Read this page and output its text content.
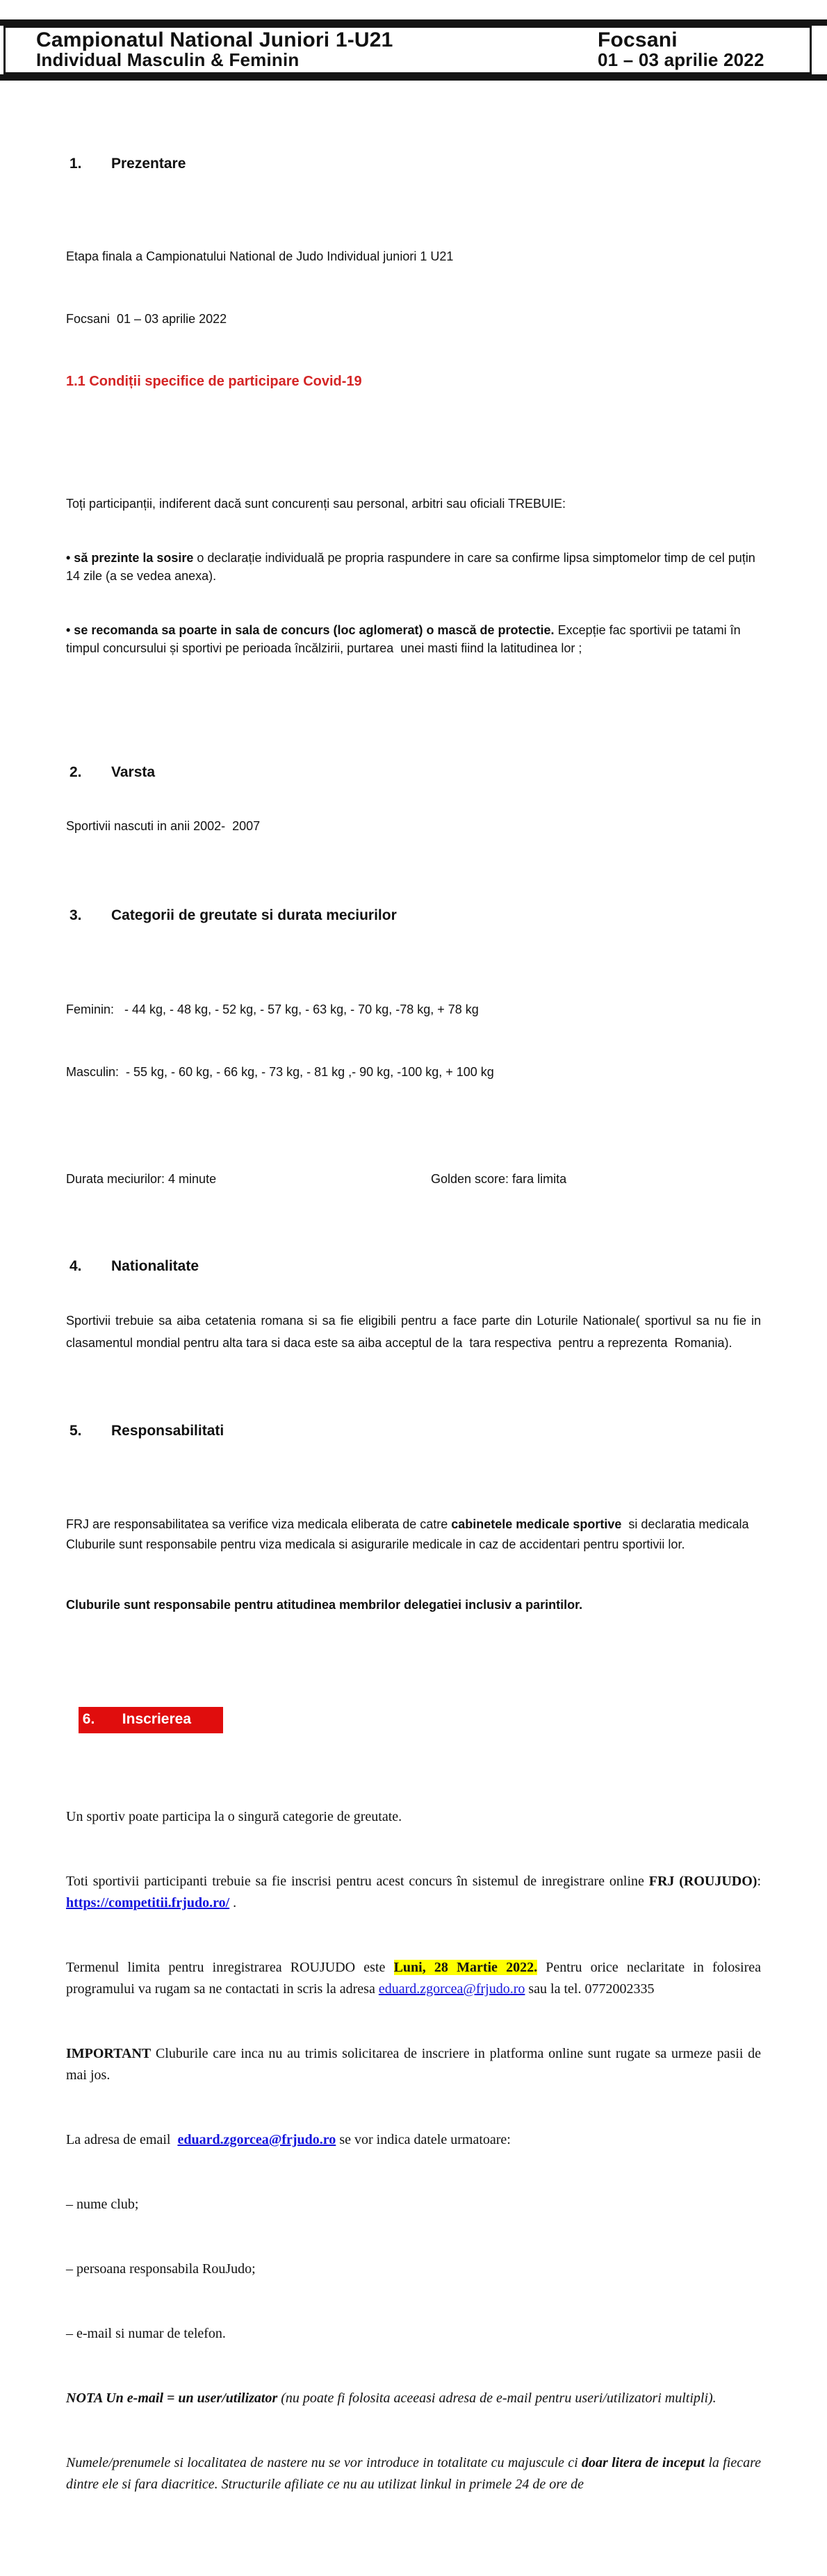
Campionatul National Juniori 1-U21	Focsani
Individual Masculin & Feminin	01 – 03 aprilie 2022

1.	Prezentare

Etapa finala a Campionatului National de Judo Individual juniori 1 U21

Focsani  01 – 03 aprilie 2022

1.1 Condiții specifice de participare Covid-19

Toți participanții, indiferent dacă sunt concurenți sau personal, arbitri sau oficiali TREBUIE:

• să prezinte la sosire o declarație individuală pe propria raspundere in care sa confirme lipsa simptomelor timp de cel puțin 14 zile (a se vedea anexa).

• se recomanda sa poarte in sala de concurs (loc aglomerat) o mască de protectie. Excepție fac sportivii pe tatami în timpul concursului și sportivi pe perioada încălzirii, purtarea  unei masti fiind la latitudinea lor ;

2.	Varsta

Sportivii nascuti in anii 2002-  2007

3.	Categorii de greutate si durata meciurilor

Feminin:   - 44 kg, - 48 kg, - 52 kg, - 57 kg, - 63 kg, - 70 kg, -78 kg, + 78 kg

Masculin:  - 55 kg, - 60 kg, - 66 kg, - 73 kg, - 81 kg ,- 90 kg, -100 kg, + 100 kg

Durata meciurilor: 4 minute	Golden score: fara limita

4.	Nationalitate

Sportivii trebuie sa aiba cetatenia romana si sa fie eligibili pentru a face parte din Loturile Nationale( sportivul sa nu fie in clasamentul mondial pentru alta tara si daca este sa aiba acceptul de la  tara respectiva  pentru a reprezenta  Romania).

5.	Responsabilitati

FRJ are responsabilitatea sa verifice viza medicala eliberata de catre cabinetele medicale sportive  si declaratia medicala Cluburile sunt responsabile pentru viza medicala si asigurarile medicale in caz de accidentari pentru sportivii lor.

Cluburile sunt responsabile pentru atitudinea membrilor delegatiei inclusiv a parintilor.

6.	Inscrierea

Un sportiv poate participa la o singură categorie de greutate.

Toti sportivii participanti trebuie sa fie inscrisi pentru acest concurs în sistemul de inregistrare online FRJ (ROUJUDO): https://competitii.frjudo.ro/ .

Termenul limita pentru inregistrarea ROUJUDO este Luni, 28 Martie 2022. Pentru orice neclaritate in folosirea programului va rugam sa ne contactati in scris la adresa eduard.zgorcea@frjudo.ro sau la tel. 0772002335

IMPORTANT Cluburile care inca nu au trimis solicitarea de inscriere in platforma online sunt rugate sa urmeze pasii de mai jos.

La adresa de email  eduard.zgorcea@frjudo.ro se vor indica datele urmatoare:

– nume club;

– persoana responsabila RouJudo;

– e-mail si numar de telefon.

NOTA Un e-mail = un user/utilizator (nu poate fi folosita aceeasi adresa de e-mail pentru useri/utilizatori multipli).

Numele/prenumele si localitatea de nastere nu se vor introduce in totalitate cu majuscule ci doar litera de inceput la fiecare dintre ele si fara diacritice. Structurile afiliate ce nu au utilizat linkul in primele 24 de ore de
